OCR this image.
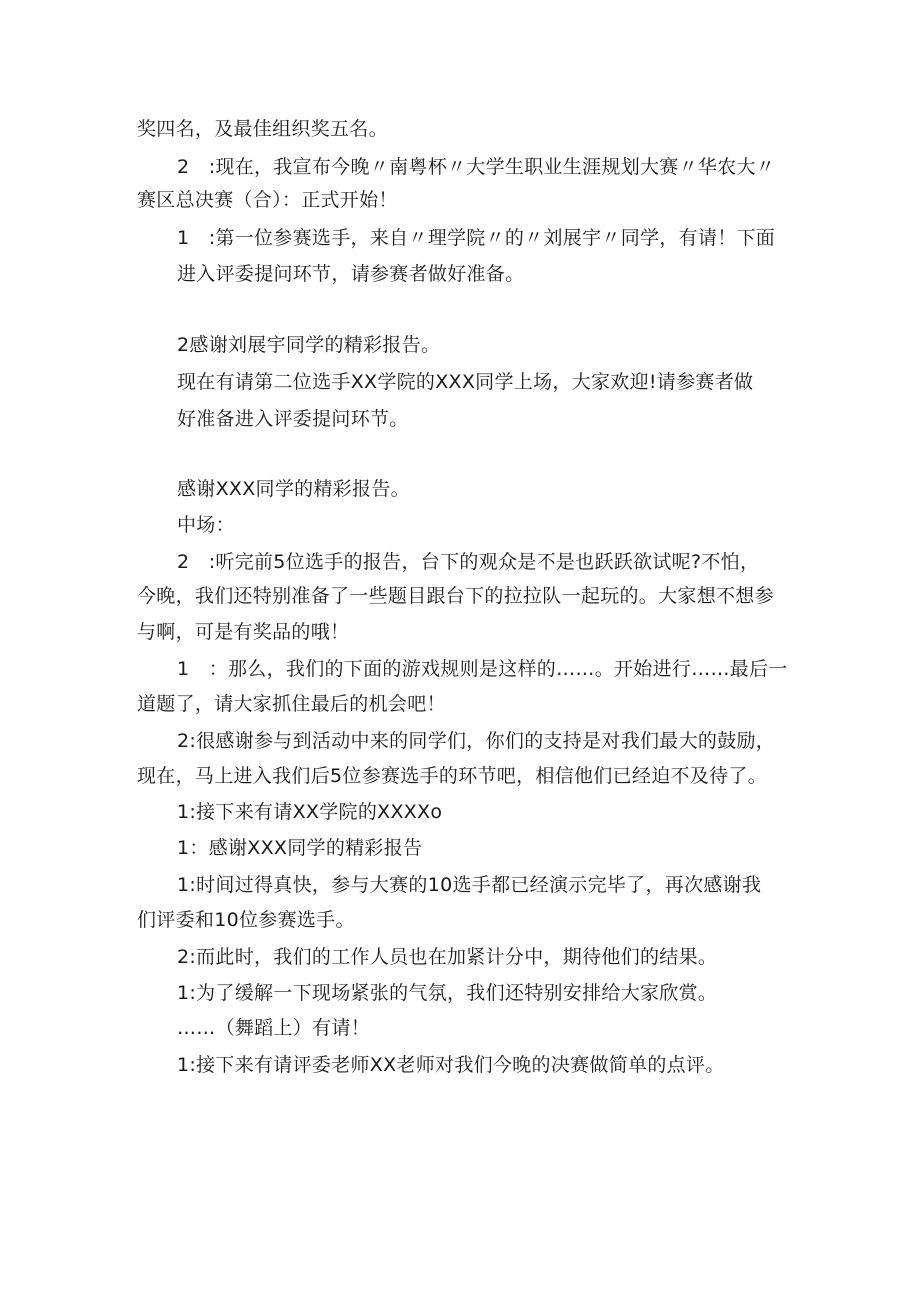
奖四名，及最佳组织奖五名。
2　:现在，我宣布今晚〃南粤杯〃大学生职业生涯规划大赛〃华农大〃
赛区总决赛（合）：正式开始！
1　:第一位参赛选手，来自〃理学院〃的〃刘展宇〃同学，有请！下面
进入评委提问环节，请参赛者做好准备。
2感谢刘展宇同学的精彩报告。
现在有请第二位选手XX学院的XXX同学上场，大家欢迎!请参赛者做
好准备进入评委提问环节。
感谢XXX同学的精彩报告。
中场：
2　:听完前5位选手的报告，台下的观众是不是也跃跃欲试呢?不怕，
今晚，我们还特别准备了一些题目跟台下的拉拉队一起玩的。大家想不想参
与啊，可是有奖品的哦！
1　：那么，我们的下面的游戏规则是这样的……。开始进行……最后一
道题了，请大家抓住最后的机会吧！
2:很感谢参与到活动中来的同学们，你们的支持是对我们最大的鼓励，
现在，马上进入我们后5位参赛选手的环节吧，相信他们已经迫不及待了。
1:接下来有请XX学院的XXXXo
1：感谢XXX同学的精彩报告
1:时间过得真快，参与大赛的10选手都已经演示完毕了，再次感谢我
们评委和10位参赛选手。
2:而此时，我们的工作人员也在加紧计分中，期待他们的结果。
1:为了缓解一下现场紧张的气氛，我们还特别安排给大家欣赏。
……（舞蹈上）有请！
1:接下来有请评委老师XX老师对我们今晚的决赛做简单的点评。
